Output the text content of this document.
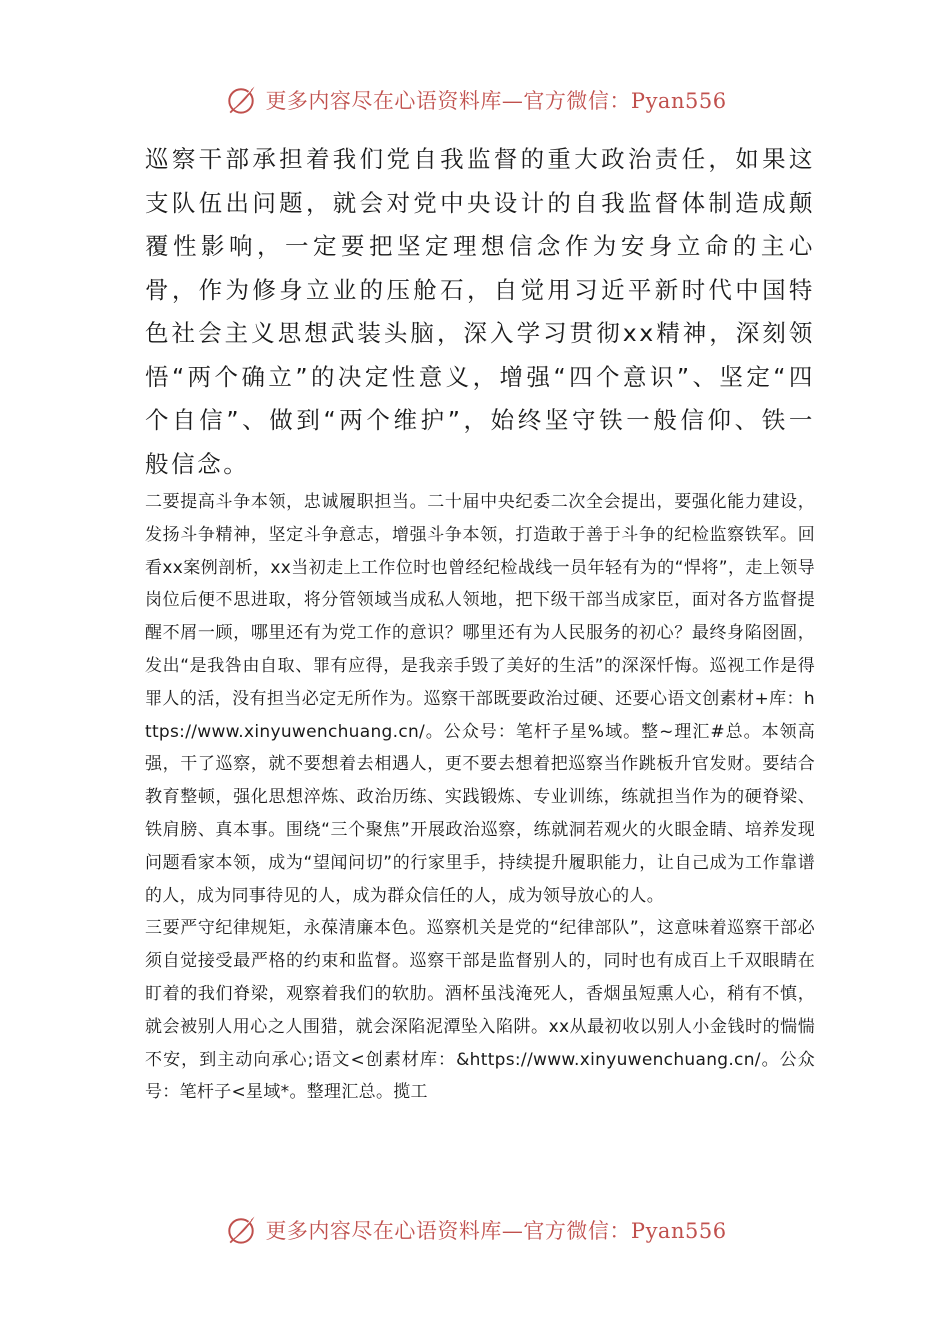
更多内容尽在心语资料库—官方微信：Pyan556

巡察干部承担着我们党自我监督的重大政治责任，如果这支队伍出问题，就会对党中央设计的自我监督体制造成颠覆性影响，一定要把坚定理想信念作为安身立命的主心骨，作为修身立业的压舱石，自觉用习近平新时代中国特色社会主义思想武装头脑，深入学习贯彻xx精神，深刻领悟“两个确立”的决定性意义，增强“四个意识”、坚定“四个自信”、做到“两个维护”，始终坚守铁一般信仰、铁一般信念。

二要提高斗争本领，忠诚履职担当。二十届中央纪委二次全会提出，要强化能力建设，发扬斗争精神，坚定斗争意志，增强斗争本领，打造敢于善于斗争的纪检监察铁军。回看xx案例剖析，xx当初走上工作位时也曾经纪检战线一员年轻有为的“悍将”，走上领导岗位后便不思进取，将分管领域当成私人领地，把下级干部当成家臣，面对各方监督提醒不屑一顾，哪里还有为党工作的意识？哪里还有为人民服务的初心？最终身陷囹圄，发出“是我咎由自取、罪有应得，是我亲手毁了美好的生活”的深深忏悔。巡视工作是得罪人的活，没有担当必定无所作为。巡察干部既要政治过硬、还要心语文创素材+库：https://www.xinyuwenchuang.cn/。公众号：笔杆子星%域。整~理汇#总。本领高强，干了巡察，就不要想着去相遇人，更不要去想着把巡察当作跳板升官发财。要结合教育整顿，强化思想淬炼、政治历练、实践锻炼、专业训练，练就担当作为的硬脊梁、铁肩膀、真本事。围绕“三个聚焦”开展政治巡察，练就洞若观火的火眼金睛、培养发现问题看家本领，成为“望闻问切”的行家里手，持续提升履职能力，让自己成为工作靠谱的人，成为同事待见的人，成为群众信任的人，成为领导放心的人。

三要严守纪律规矩，永葆清廉本色。巡察机关是党的“纪律部队”，这意味着巡察干部必须自觉接受最严格的约束和监督。巡察干部是监督别人的，同时也有成百上千双眼睛在盯着的我们脊梁，观察着我们的软肋。酒杯虽浅淹死人，香烟虽短熏人心，稍有不慎，就会被别人用心之人围猎，就会深陷泥潭坠入陷阱。xx从最初收以别人小金钱时的惴惴不安，到主动向承心;语文<创素材库：&https://www.xinyuwenchuang.cn/。公众号：笔杆子<星域*。整理汇总。揽工

更多内容尽在心语资料库—官方微信：Pyan556
